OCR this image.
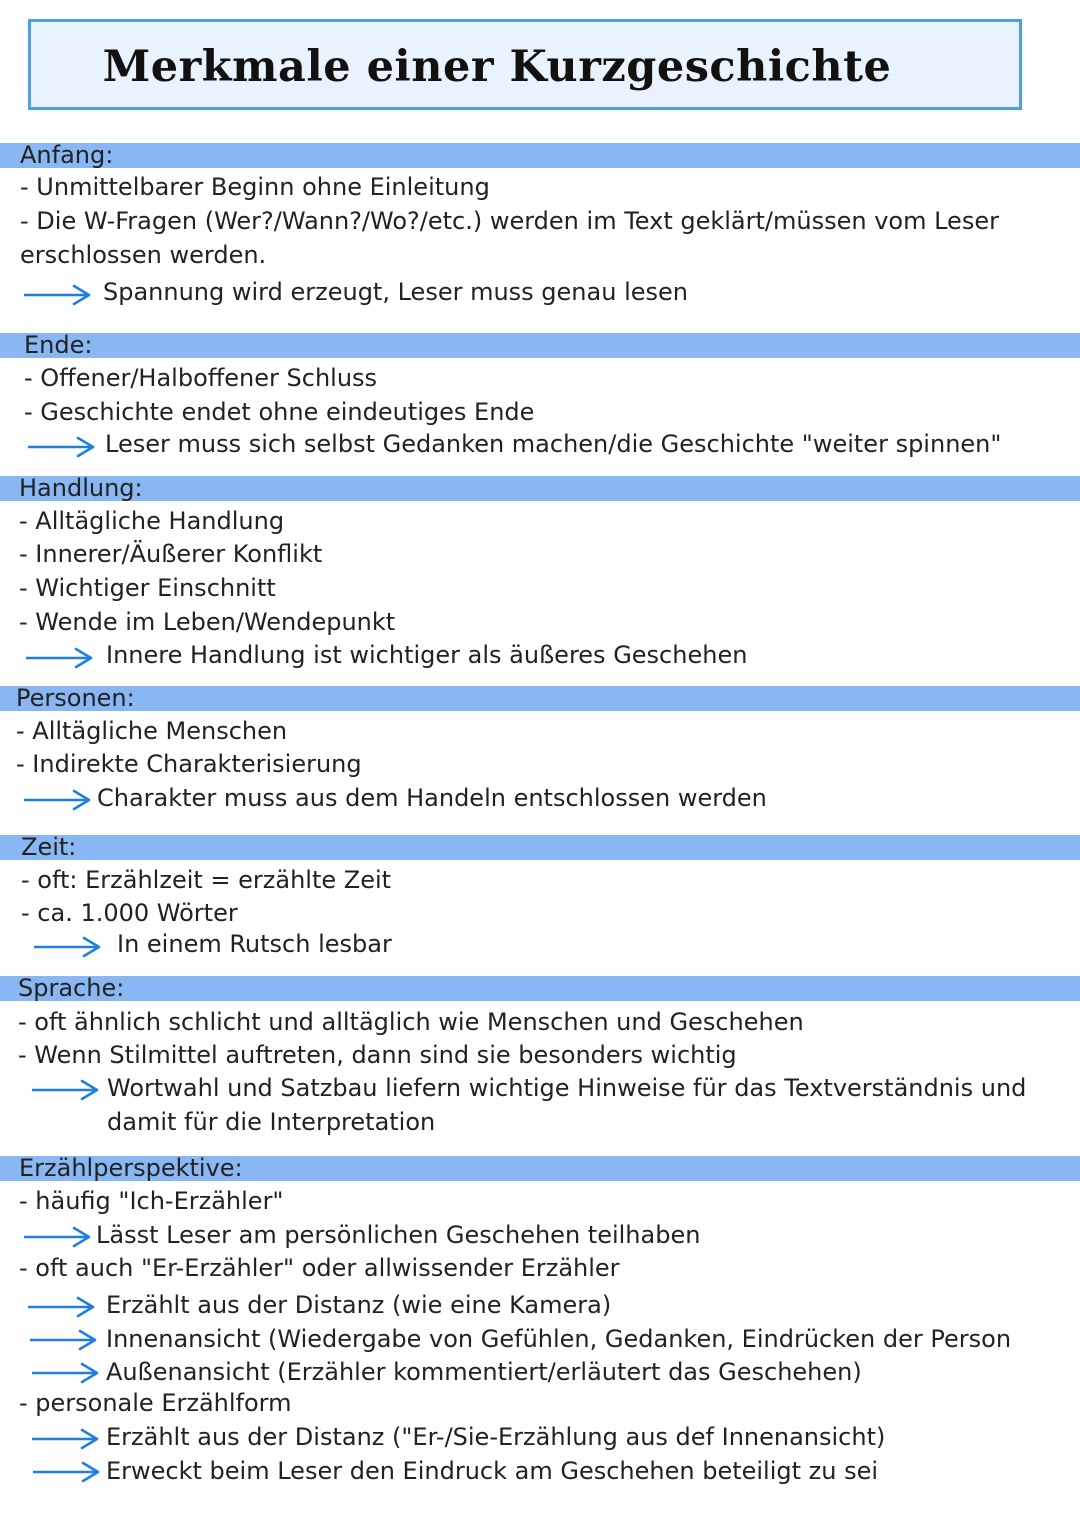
Merkmale einer Kurzgeschichte
Anfang:
- Unmittelbarer Beginn ohne Einleitung
- Die W-Fragen (Wer?/Wann?/Wo?/etc.) werden im Text geklärt/müssen vom Leser
erschlossen werden.
Spannung wird erzeugt, Leser muss genau lesen
Ende:
- Offener/Halboffener Schluss
- Geschichte endet ohne eindeutiges Ende
Leser muss sich selbst Gedanken machen/die Geschichte "weiter spinnen"
Handlung:
- Alltägliche Handlung
- Innerer/Äußerer Konflikt
- Wichtiger Einschnitt
- Wende im Leben/Wendepunkt
Innere Handlung ist wichtiger als äußeres Geschehen
Personen:
- Alltägliche Menschen
- Indirekte Charakterisierung
Charakter muss aus dem Handeln entschlossen werden
Zeit:
- oft: Erzählzeit = erzählte Zeit
- ca. 1.000 Wörter
In einem Rutsch lesbar
Sprache:
- oft ähnlich schlicht und alltäglich wie Menschen und Geschehen
- Wenn Stilmittel auftreten, dann sind sie besonders wichtig
Wortwahl und Satzbau liefern wichtige Hinweise für das Textverständnis und
damit für die Interpretation
Erzählperspektive:
- häufig "Ich-Erzähler"
Lässt Leser am persönlichen Geschehen teilhaben
- oft auch "Er-Erzähler" oder allwissender Erzähler
Erzählt aus der Distanz (wie eine Kamera)
Innenansicht (Wiedergabe von Gefühlen, Gedanken, Eindrücken der Person
Außenansicht (Erzähler kommentiert/erläutert das Geschehen)
- personale Erzählform
Erzählt aus der Distanz ("Er-/Sie-Erzählung aus def Innenansicht)
Erweckt beim Leser den Eindruck am Geschehen beteiligt zu sei
